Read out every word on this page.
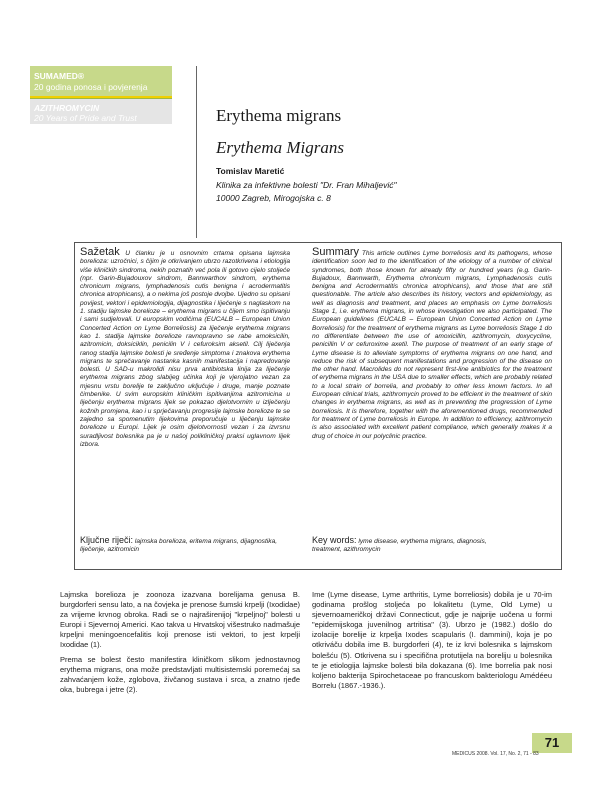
SUMAMED®
20 godina ponosa i povjerenja
AZITHROMYCIN
20 Years of Pride and Trust	Erythema migrans
Erythema Migrans
Tomislav Maretić
Klinika za infektivne bolesti "Dr. Fran Mihaljević"
10000 Zagreb, Mirogojska c. 8
Sažetak U članku je u osnovnim crtama opisana lajmska borelioza: uzročnici, s čijim je otkrivanjem ubrzo razotkrivena i etiologija više kliničkih sindroma, nekih poznatih već pola ili gotovo cijelo stoljeće (npr. Garin-Bujadouxov sindrom, Bannwarthov sindrom, erythema chronicum migrans, lymphadenosis cutis benigna i acrodermatitis chronica atrophicans), a o nekima još postoje dvojbe. Ujedno su opisani povijest, vektori i epidemiologija, dijagnostika i liječenje s naglaskom na 1. stadiju lajmske borelioze – erythema migrans u čijem smo ispitivanju i sami sudjelovali. U europskim vodičima (EUCALB – European Union Concerted Action on Lyme Borreliosis) za liječenje erythema migrans kao 1. stadija lajmske borelioze ravnopravno se rabe amoksicilin, azitromicin, doksiciklin, penicilin V i cefuroksim aksetil. Cilj liječenja ranog stadija lajmske bolesti je sređenje simptoma i znakova erythema migrans te sprečavanje nastanka kasnih manifestacija i napredovanje bolesti. U SAD-u makrolidi nisu prva antibiotska linija za liječenje erythema migrans zbog slabijeg učinka koji je vjerojatno vezan za mjesnu vrstu borelije te zaključno uključuje i druge, manje poznate čimbenike. U svim europskim kliničkim ispitivanjima azitromicina u liječenju erythema migrans lijek se pokazao djelotvornim u izlječenju kožnih promjena, kao i u sprječavanju progresije lajmske borelioze te se zajedno sa spomenutim lijekovima preporučuje u liječenju lajmske borelioze u Europi. Lijek je osim djelotvornosti vezan i za izvrsnu suradljivost bolesnika pa je u našoj polikliničkoj praksi uglavnom lijek izbora.
Summary This article outlines Lyme borreliosis and its pathogens, whose identification soon led to the identification of the etiology of a number of clinical syndromes, both those known for already fifty or hundred years (e.g. Garin-Bujadoux, Bannwarth, Erythema chronicum migrans, Lymphadenosis cutis benigna and Acrodermatitis chronica atrophicans), and those that are still questionable. The article also describes its history, vectors and epidemiology, as well as diagnosis and treatment, and places an emphasis on Lyme borreliosis Stage 1, i.e. erythema migrans, in whose investigation we also participated. The European guidelines (EUCALB – European Union Concerted Action on Lyme Borreliosis) for the treatment of erythema migrans as Lyme borreliosis Stage 1 do no differentiate between the use of amoxicillin, azithromycin, doxycycline, penicillin V or cefuroxime axetil. The purpose of treatment of an early stage of Lyme disease is to alleviate symptoms of erythema migrans on one hand, and reduce the risk of subsequent manifestations and progression of the disease on the other hand. Macrolides do not represent first-line antibiotics for the treatment of erythema migrans in the USA due to smaller effects, which are probably related to a local strain of borrelia, and probably to other less known factors. In all European clinical trials, azithromycin proved to be efficient in the treatment of skin changes in erythema migrans, as well as in preventing the progression of Lyme borreliosis. It is therefore, together with the aforementioned drugs, recommended for treatment of Lyme borreliosis in Europe. In addition to efficiency, azithromycin is also associated with excellent patient compliance, which generally makes it a drug of choice in our polyclinic practice.
Ključne riječi: lajmska borelioza, eritema migrans, dijagnostika, liječenje, azitromicin
Key words: lyme disease, erythema migrans, diagnosis, treatment, azithromycin

Lajmska borelioza je zoonoza izazvana borelijama genusa B. burgdorferi sensu lato, a na čovjeka je prenose šumski krpelji (Ixodidae) za vrijeme krvnog obroka. Radi se o najraširenijoj "krpeljnoj" bolesti u Europi i Sjevernoj Americi. Kao takva u Hrvatskoj višestruko nadmašuje krpeljni meningoencefalitis koji prenose isti vektori, to jest krpelji Ixodidae (1).

Prema se bolest često manifestira kliničkom slikom jednostavnog erythema migrans, ona može predstavljati multisistemski poremećaj sa zahvaćanjem kože, zglobova, živčanog sustava i srca, a znatno rjeđe oka, bubrega i jetre (2).

Ime (Lyme disease, Lyme arthritis, Lyme borreliosis) dobila je u 70-im godinama prošlog stoljeća po lokalitetu (Lyme, Old Lyme) u sjevernoameričkoj državi Connecticut, gdje je najprije uočena u formi "epidemijskoga juvenilnog artritisa" (3). Ubrzo je (1982.) došlo do izolacije borelije iz krpelja Ixodes scapularis (I. dammini), koja je po otkriváču dobila ime B. burgdorferi (4), te iz krvi bolesnika s lajmskom bolešću (5). Otkrivena su i specifična protutijela na boreliju u bolesnika te je etiologija lajmske bolesti bila dokazana (6). Ime borrelia pak nosi koljeno bakterija Spirochetaceae po francuskom bakteriologu Amédéeu Borrelu (1867.-1936.).

71
MEDICUS 2008. Vol. 17, No. 2, 71 - 83
